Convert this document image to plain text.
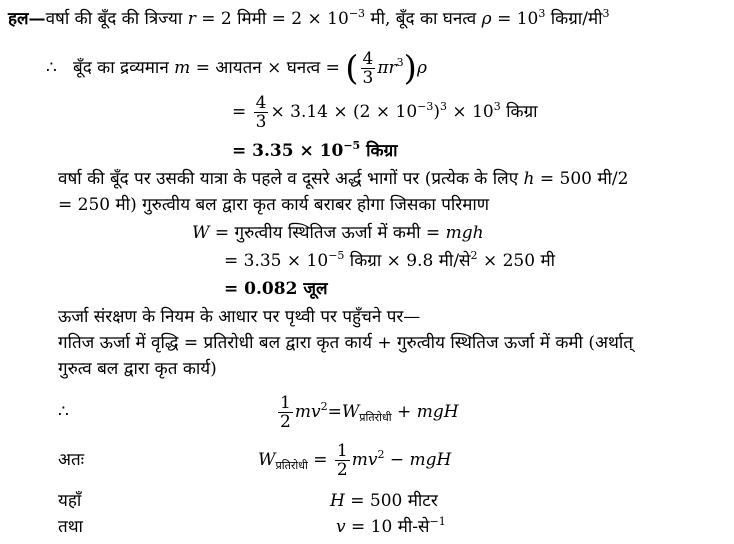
हल—वर्षा की बूँद की त्रिज्या r = 2 मिमी = $2 \times 10^{-3}$ मी, बूँद का घनत्व $\rho = 10^3$ किग्रा/मी$^3$
∴ बूँद का द्रव्यमान m = आयतन × घनत्व = ( $\frac{4}{3} \pi r^3)\rho$
= $\frac{4}{3} \times 3.14 \times (2 \times 10^{-3})^3 \times 10^3$ किग्रा
= $3.35 \times 10^{-5}$ किग्रा
वर्षा की बूँद पर उसकी यात्रा के पहले व दूसरे अर्द्ध भागों पर (प्रत्येक के लिए h = 500 मी/2
= 250 मी) गुरुत्वीय बल द्वारा कृत कार्य बराबर होगा जिसका परिमाण
W = गुरुत्वीय स्थितिज ऊर्जा में कमी = mgh
= $3.35 \times 10^{-5}$ किग्रा × 9.8 मी/से$^2$ × 250 मी
= 0.082 जूल
ऊर्जा संरक्षण के नियम के आधार पर पृथ्वी पर पहुँचने पर—
गतिज ऊर्जा में वृद्धि = प्रतिरोधी बल द्वारा कृत कार्य + गुरुत्वीय स्थितिज ऊर्जा में कमी (अर्थात्
गुरुत्व बल द्वारा कृत कार्य)
∴	$\frac{1}{2} mv^2=W_{प्रतिरोधी}$ + mgH
अतः	$W_{प्रतिरोधी} = \frac{1}{2} mv^2$ − mgH
यहाँ	H = 500 मीटर
तथा	v = 10 मी-से$^{-1}$
